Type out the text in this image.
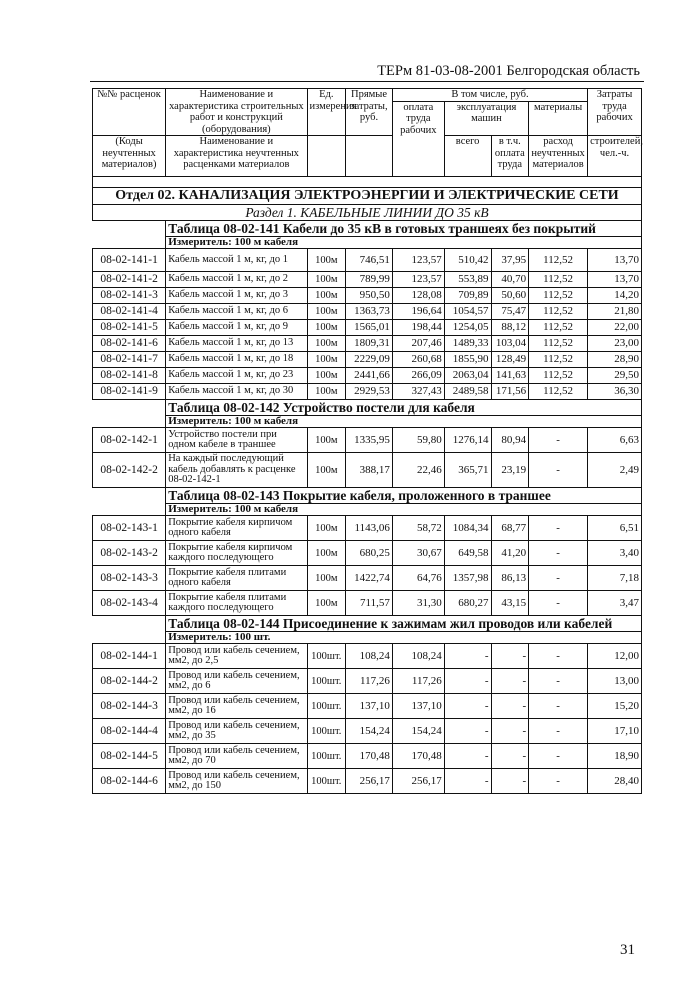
ТЕРм 81-03-08-2001 Белгородская область
№№ расценок	Наименование и характеристика строительных работ и конструкций (оборудования)	Ед. измерения	Прямые затраты, руб.	В том числе, руб.				Затраты труда рабочих
				оплата труда рабочих	эксплуатация машин		материалы	
(Коды неучтенных материалов)	Наименование и характеристика неучтенных расценками материалов				всего	в т.ч. оплата труда	расход неучтенных материалов	строителей, чел.-ч.

Отдел 02. КАНАЛИЗАЦИЯ ЭЛЕКТРОЭНЕРГИИ И ЭЛЕКТРИЧЕСКИЕ СЕТИ								
Раздел 1. КАБЕЛЬНЫЕ ЛИНИИ ДО 35 кВ								
	Таблица 08-02-141 Кабели до 35 кВ в готовых траншеях без покрытий							
	Измеритель: 100 м кабеля							
08-02-141-1	Кабель массой 1 м, кг, до 1	100м	746,51	123,57	510,42	37,95	112,52	13,70
08-02-141-2	Кабель массой 1 м, кг, до 2	100м	789,99	123,57	553,89	40,70	112,52	13,70
08-02-141-3	Кабель массой 1 м, кг, до 3	100м	950,50	128,08	709,89	50,60	112,52	14,20
08-02-141-4	Кабель массой 1 м, кг, до 6	100м	1363,73	196,64	1054,57	75,47	112,52	21,80
08-02-141-5	Кабель массой 1 м, кг, до 9	100м	1565,01	198,44	1254,05	88,12	112,52	22,00
08-02-141-6	Кабель массой 1 м, кг, до 13	100м	1809,31	207,46	1489,33	103,04	112,52	23,00
08-02-141-7	Кабель массой 1 м, кг, до 18	100м	2229,09	260,68	1855,90	128,49	112,52	28,90
08-02-141-8	Кабель массой 1 м, кг, до 23	100м	2441,66	266,09	2063,04	141,63	112,52	29,50
08-02-141-9	Кабель массой 1 м, кг, до 30	100м	2929,53	327,43	2489,58	171,56	112,52	36,30
	Таблица 08-02-142 Устройство постели для кабеля							
	Измеритель: 100 м кабеля							
08-02-142-1	Устройство постели при одном кабеле в траншее	100м	1335,95	59,80	1276,14	80,94	-	6,63
08-02-142-2	На каждый последующий кабель добавлять к расценке 08-02-142-1	100м	388,17	22,46	365,71	23,19	-	2,49
	Таблица 08-02-143 Покрытие кабеля, проложенного в траншее							
	Измеритель: 100 м кабеля							
08-02-143-1	Покрытие кабеля кирпичом одного кабеля	100м	1143,06	58,72	1084,34	68,77	-	6,51
08-02-143-2	Покрытие кабеля кирпичом каждого последующего	100м	680,25	30,67	649,58	41,20	-	3,40
08-02-143-3	Покрытие кабеля плитами одного кабеля	100м	1422,74	64,76	1357,98	86,13	-	7,18
08-02-143-4	Покрытие кабеля плитами каждого последующего	100м	711,57	31,30	680,27	43,15	-	3,47
	Таблица 08-02-144 Присоединение к зажимам жил проводов или кабелей							
	Измеритель: 100 шт.							
08-02-144-1	Провод или кабель сечением, мм2, до 2,5	100шт.	108,24	108,24	-	-	-	12,00
08-02-144-2	Провод или кабель сечением, мм2, до 6	100шт.	117,26	117,26	-	-	-	13,00
08-02-144-3	Провод или кабель сечением, мм2, до 16	100шт.	137,10	137,10	-	-	-	15,20
08-02-144-4	Провод или кабель сечением, мм2, до 35	100шт.	154,24	154,24	-	-	-	17,10
08-02-144-5	Провод или кабель сечением, мм2, до 70	100шт.	170,48	170,48	-	-	-	18,90
08-02-144-6	Провод или кабель сечением, мм2, до 150	100шт.	256,17	256,17	-	-	-	28,40
31
